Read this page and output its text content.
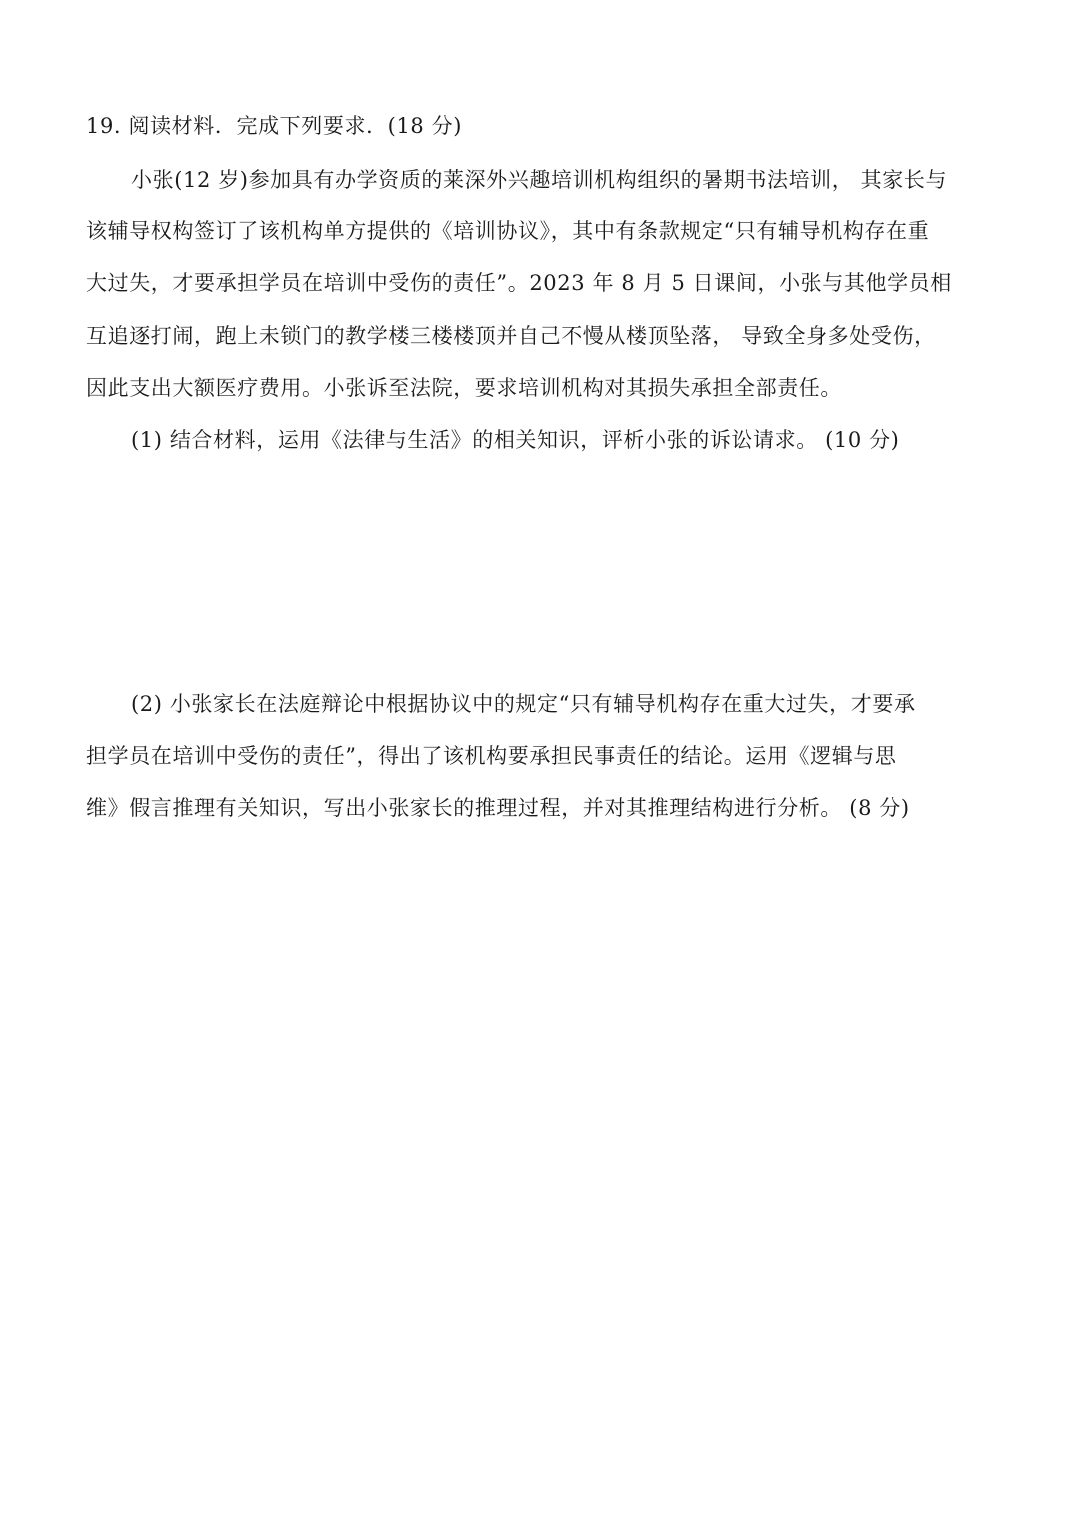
19. 阅读材料．完成下列要求．(18 分)
小张(12 岁)参加具有办学资质的莱深外兴趣培训机构组织的暑期书法培训， 其家长与
该辅导权构签订了该机构单方提供的《培训协议》，其中有条款规定“只有辅导机构存在重
大过失，才要承担学员在培训中受伤的责任”。2023 年 8 月 5 日课间，小张与其他学员相
互追逐打闹，跑上未锁门的教学楼三楼楼顶并自己不慢从楼顶坠落， 导致全身多处受伤，
因此支出大额医疗费用。小张诉至法院，要求培训机构对其损失承担全部责任。
(1) 结合材料，运用《法律与生活》的相关知识，评析小张的诉讼请求。 (10 分)
(2) 小张家长在法庭辩论中根据协议中的规定“只有辅导机构存在重大过失，才要承
担学员在培训中受伤的责任”，得出了该机构要承担民事责任的结论。运用《逻辑与思
维》假言推理有关知识，写出小张家长的推理过程，并对其推理结构进行分析。 (8 分)
